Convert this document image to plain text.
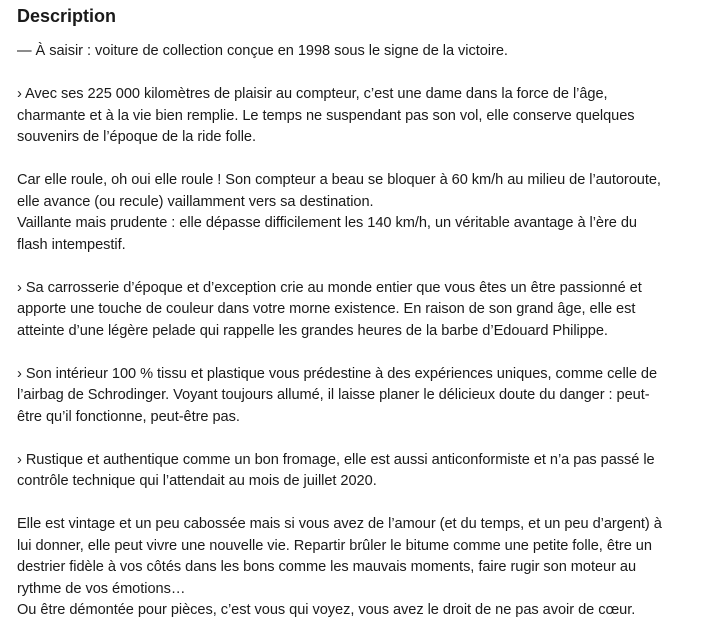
Description

— À saisir : voiture de collection conçue en 1998 sous le signe de la victoire.

› Avec ses 225 000 kilomètres de plaisir au compteur, c’est une dame dans la force de l’âge,
charmante et à la vie bien remplie. Le temps ne suspendant pas son vol, elle conserve quelques
souvenirs de l’époque de la ride folle.

Car elle roule, oh oui elle roule ! Son compteur a beau se bloquer à 60 km/h au milieu de l’autoroute,
elle avance (ou recule) vaillamment vers sa destination.
Vaillante mais prudente : elle dépasse difficilement les 140 km/h, un véritable avantage à l’ère du
flash intempestif.

› Sa carrosserie d’époque et d’exception crie au monde entier que vous êtes un être passionné et
apporte une touche de couleur dans votre morne existence. En raison de son grand âge, elle est
atteinte d’une légère pelade qui rappelle les grandes heures de la barbe d’Edouard Philippe.

› Son intérieur 100 % tissu et plastique vous prédestine à des expériences uniques, comme celle de
l’airbag de Schrodinger. Voyant toujours allumé, il laisse planer le délicieux doute du danger : peut-
être qu’il fonctionne, peut-être pas.

› Rustique et authentique comme un bon fromage, elle est aussi anticonformiste et n’a pas passé le
contrôle technique qui l’attendait au mois de juillet 2020.

Elle est vintage et un peu cabossée mais si vous avez de l’amour (et du temps, et un peu d’argent) à
lui donner, elle peut vivre une nouvelle vie. Repartir brûler le bitume comme une petite folle, être un
destrier fidèle à vos côtés dans les bons comme les mauvais moments, faire rugir son moteur au
rythme de vos émotions…
Ou être démontée pour pièces, c’est vous qui voyez, vous avez le droit de ne pas avoir de cœur.
